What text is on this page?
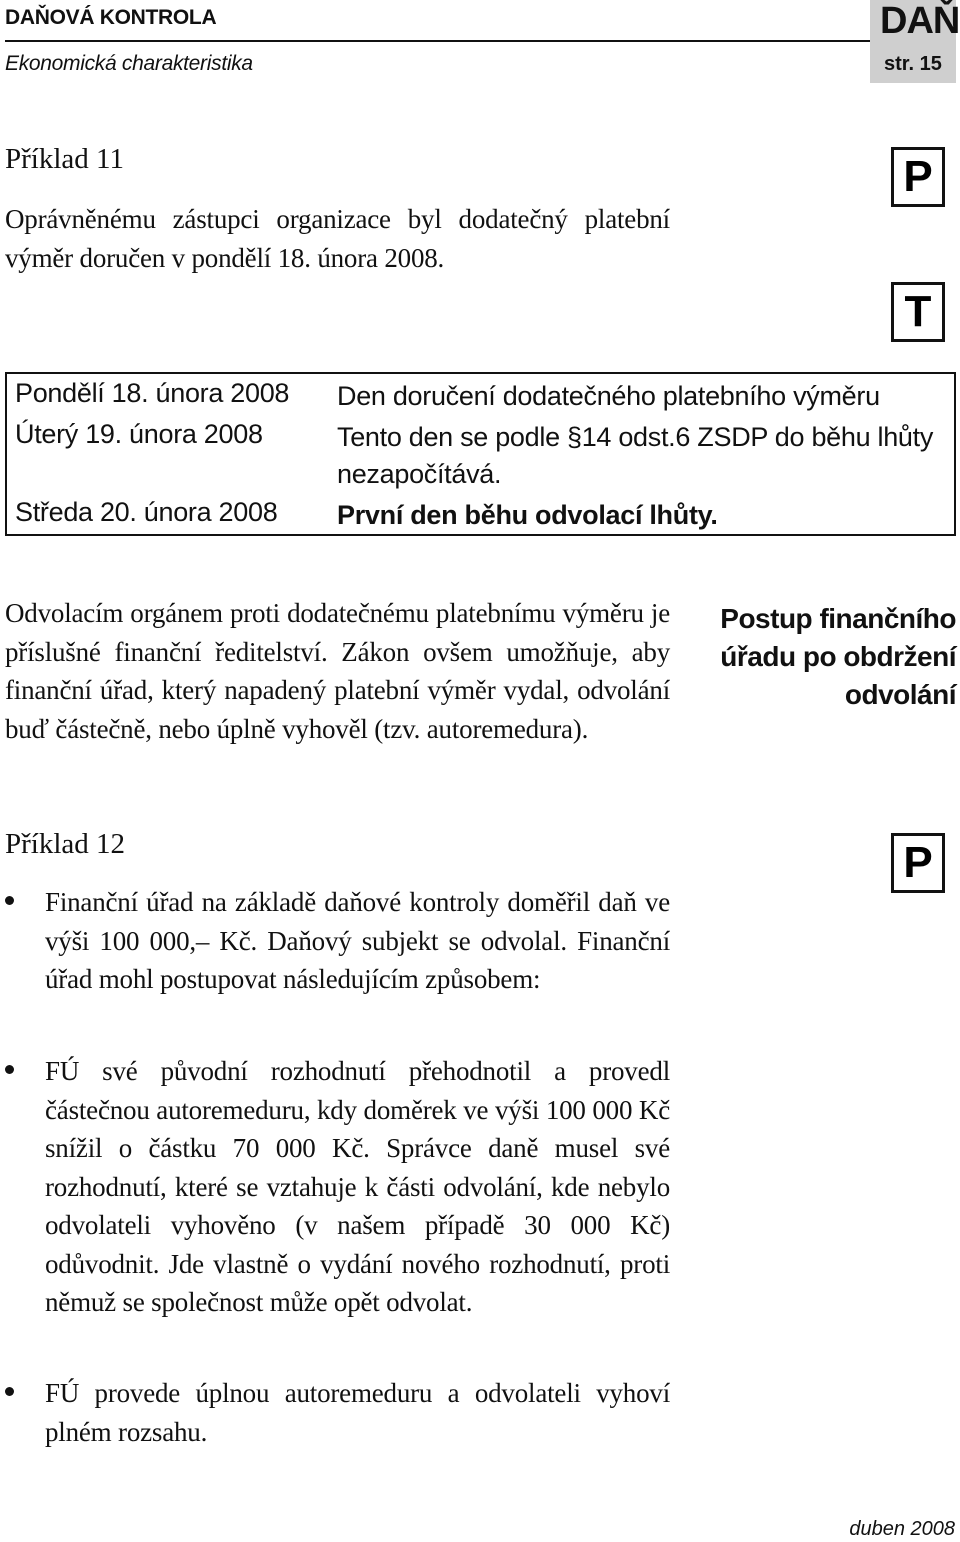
DAŇOVÁ KONTROLA
Ekonomická charakteristika
DAŇ
str. 15
Příklad 11
Oprávněnému zástupci organizace byl dodatečný platební výměr doručen v pondělí 18. února 2008.
P
T
Pondělí 18. února 2008 Den doručení dodatečného platebního výměru
Úterý 19. února 2008	Tento den se podle §14 odst.6 ZSDP do běhu lhůty nezapočítává.
Středa 20. února 2008 První den běhu odvolací lhůty.
Odvolacím orgánem proti dodatečnému platebnímu výměru je příslušné finanční ředitelství. Zákon ovšem umožňuje, aby finanční úřad, který napadený platební výměr vydal, odvolání buď částečně, nebo úplně vyhověl (tzv. autoremedura).
Postup finančního úřadu po obdržení odvolání
Příklad 12	P
Finanční úřad na základě daňové kontroly doměřil daň ve výši 100 000,– Kč. Daňový subjekt se odvolal. Finanční úřad mohl postupovat následujícím způsobem:
FÚ své původní rozhodnutí přehodnotil a provedl částečnou autoremeduru, kdy doměrek ve výši 100 000 Kč snížil o částku 70 000 Kč. Správce daně musel své rozhodnutí, které se vztahuje k části odvolání, kde nebylo odvolateli vyhověno (v našem případě 30 000 Kč) odůvodnit. Jde vlastně o vydání nového rozhodnutí, proti němuž se společnost může opět odvolat.
FÚ provede úplnou autoremeduru a odvolateli vyhoví plném rozsahu.
duben 2008
